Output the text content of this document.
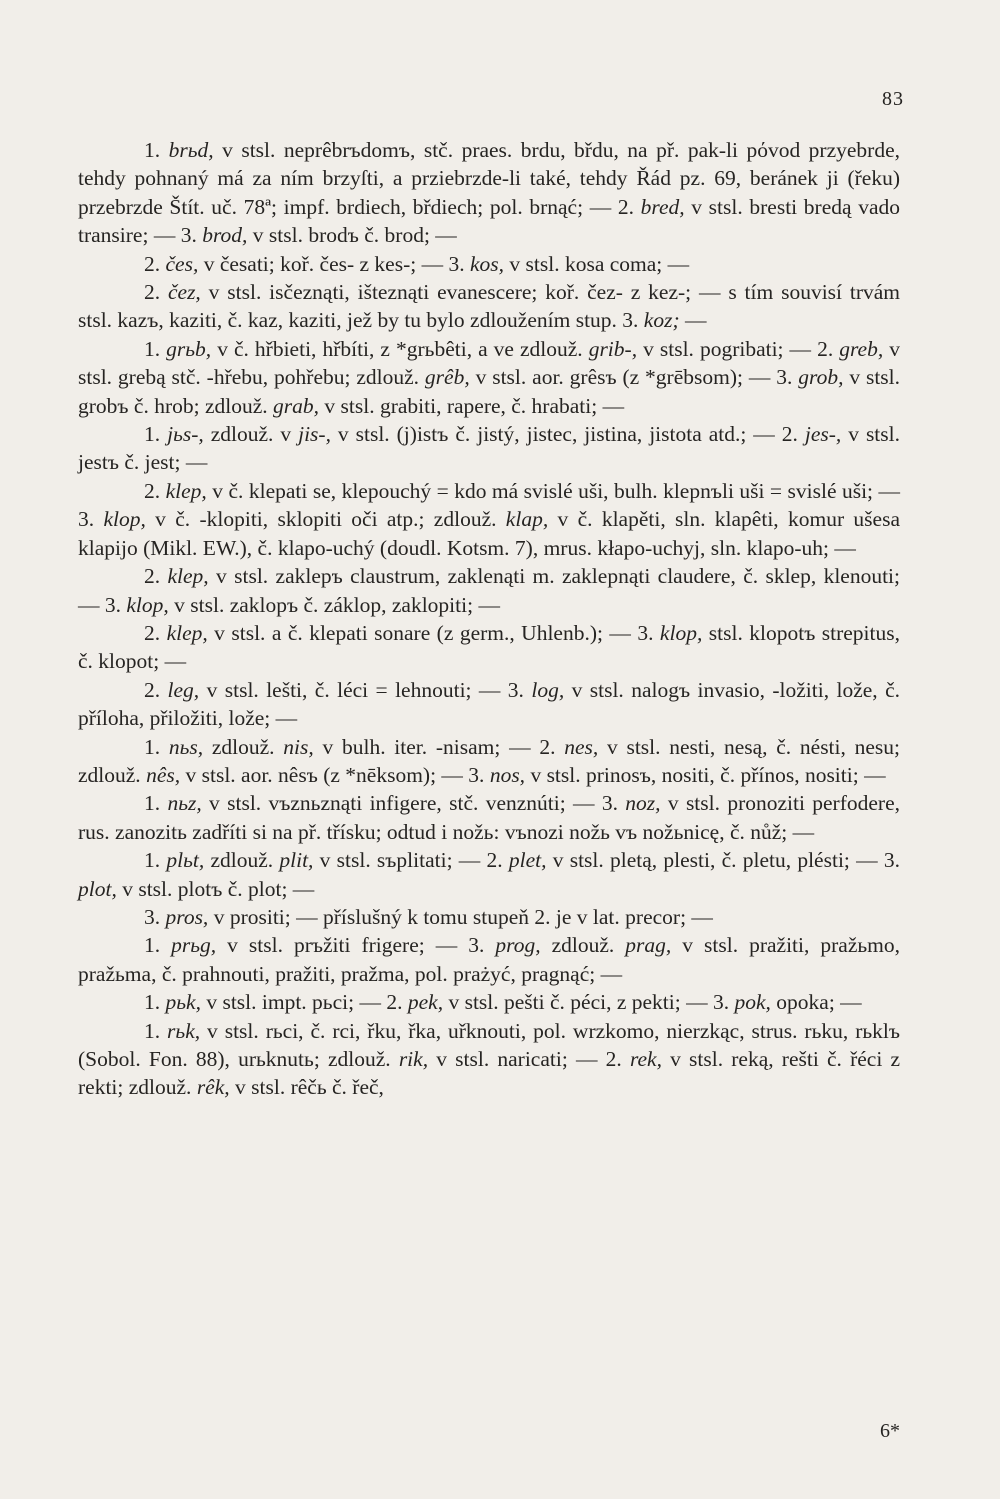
83

1. brьd, v stsl. neprêbrъdomъ, stč. praes. brdu, břdu, na př. pak-li pόvod przyebrde, tehdy pohnaný má za ním brzyſti, a prziebrzde-li také, tehdy Řád pz. 69, beránek ji (řeku) przebrzde Štít. uč. 78ª; impf. brdiech, břdiech; pol. brnąć; — 2. bred, v stsl. bresti bredą vado transire; — 3. brod, v stsl. brodъ č. brod; —

2. čes, v česati; koř. čes- z kes-; — 3. kos, v stsl. kosa coma; —

2. čez, v stsl. isčeznąti, išteznąti evanescere; koř. čez- z kez-; — s tím souvisí trvám stsl. kazъ, kaziti, č. kaz, kaziti, jež by tu bylo zdloužením stup. 3. koz; —

1. grьb, v č. hřbieti, hřbíti, z *grьbêti, a ve zdlouž. grib-, v stsl. pogribati; — 2. greb, v stsl. grebą stč. -hřebu, pohřebu; zdlouž. grêb, v stsl. aor. grêsъ (z *grēbsom); — 3. grob, v stsl. grobъ č. hrob; zdlouž. grab, v stsl. grabiti, rapere, č. hrabati; —

1. jьs-, zdlouž. v jis-, v stsl. (j)istъ č. jistý, jistec, jistina, jistota atd.; — 2. jes-, v stsl. jestъ č. jest; —

2. klep, v č. klepati se, klepouchý = kdo má svislé uši, bulh. klepnъli uši = svislé uši; — 3. klop, v č. -klopiti, sklopiti oči atp.; zdlouž. klap, v č. klapěti, sln. klapêti, komur ušesa klapijo (Mikl. EW.), č. klapo-uchý (doudl. Kotsm. 7), mrus. kłapo-uchyj, sln. klapo-uh; —

2. klep, v stsl. zaklepъ claustrum, zaklenąti m. zaklepnąti claudere, č. sklep, klenouti; — 3. klop, v stsl. zaklopъ č. záklop, zaklopiti; —

2. klep, v stsl. a č. klepati sonare (z germ., Uhlenb.); — 3. klop, stsl. klopotъ strepitus, č. klopot; —

2. leg, v stsl. lešti, č. léci = lehnouti; — 3. log, v stsl. nalogъ invasio, -ložiti, lože, č. příloha, přiložiti, lože; —

1. nьs, zdlouž. nis, v bulh. iter. -nisam; — 2. nes, v stsl. nesti, nesą, č. nésti, nesu; zdlouž. nês, v stsl. aor. nêsъ (z *nēksom); — 3. nos, v stsl. prinosъ, nositi, č. přínos, nositi; —

1. nьz, v stsl. vъznьznąti infigere, stč. venznúti; — 3. noz, v stsl. pronoziti perfodere, rus. zanozitь zadříti si na př. třísku; odtud i nožь: vъnozi nožь vъ nožьnicę, č. nůž; —

1. plьt, zdlouž. plit, v stsl. sъplitati; — 2. plet, v stsl. pletą, plesti, č. pletu, plésti; — 3. plot, v stsl. plotъ č. plot; —

3. pros, v prositi; — příslušný k tomu stupeň 2. je v lat. precor; —

1. prьg, v stsl. prъžiti frigere; — 3. prog, zdlouž. prag, v stsl. pražiti, pražьmo, pražьma, č. prahnouti, pražiti, pražma, pol. prażyć, pragnąć; —

1. pьk, v stsl. impt. pьci; — 2. pek, v stsl. pešti č. péci, z pekti; — 3. pok, opoka; —

1. rьk, v stsl. rьci, č. rci, řku, řka, uřknouti, pol. wrzkomo, nierzkąc, strus. rьku, rьklъ (Sobol. Fon. 88), urьknutь; zdlouž. rik, v stsl. naricati; — 2. rek, v stsl. reką, rešti č. řéci z rekti; zdlouž. rêk, v stsl. rêčь č. řeč,

6*
